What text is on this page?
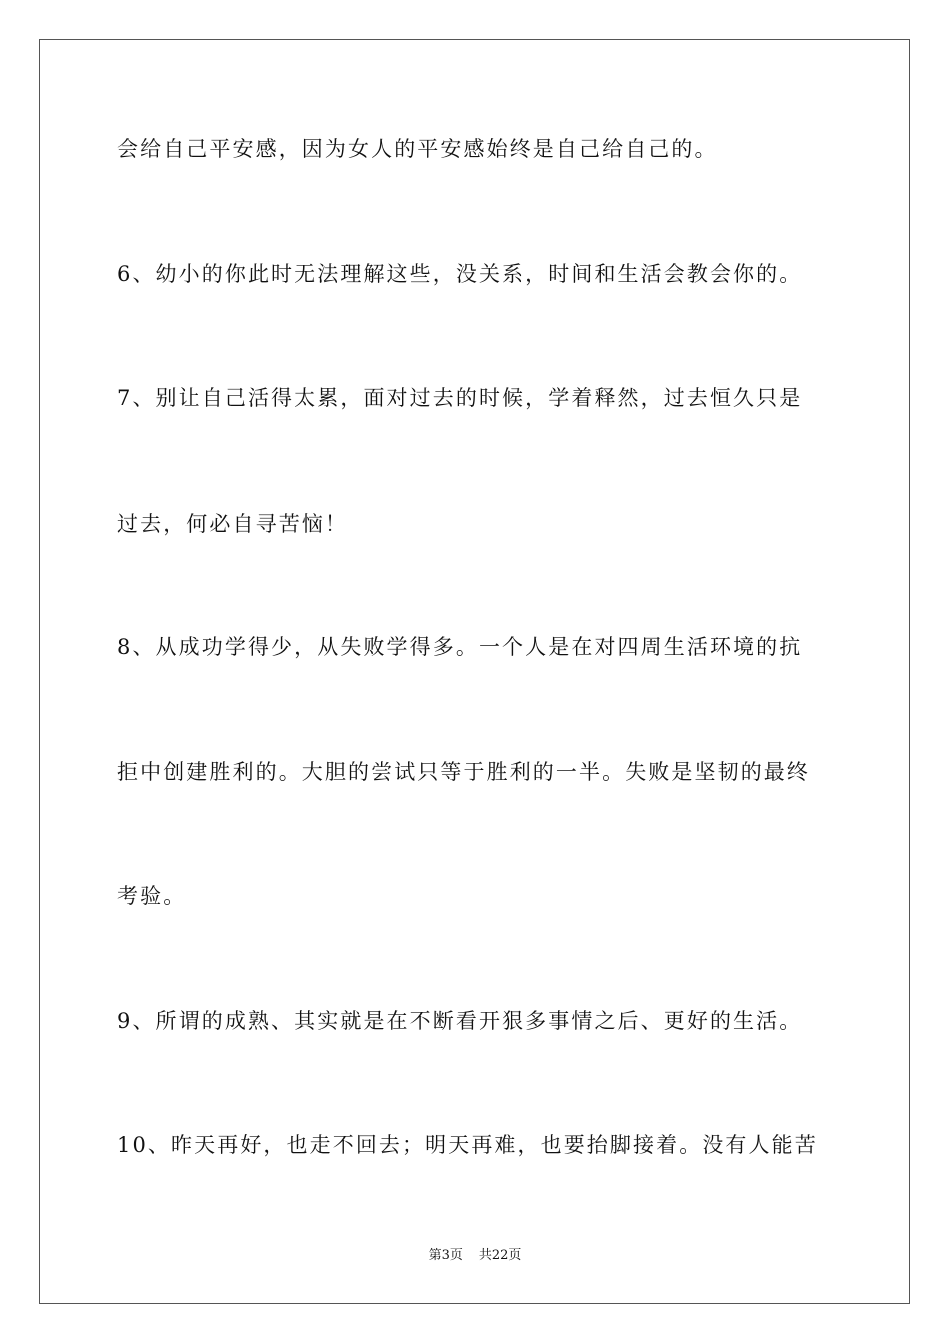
会给自己平安感，因为女人的平安感始终是自己给自己的。
6、幼小的你此时无法理解这些，没关系，时间和生活会教会你的。
7、别让自己活得太累，面对过去的时候，学着释然，过去恒久只是
过去，何必自寻苦恼！
8、从成功学得少，从失败学得多。一个人是在对四周生活环境的抗
拒中创建胜利的。大胆的尝试只等于胜利的一半。失败是坚韧的最终
考验。
9、所谓的成熟、其实就是在不断看开狠多事情之后、更好的生活。
10、昨天再好，也走不回去；明天再难，也要抬脚接着。没有人能苦
第3页 共22页
